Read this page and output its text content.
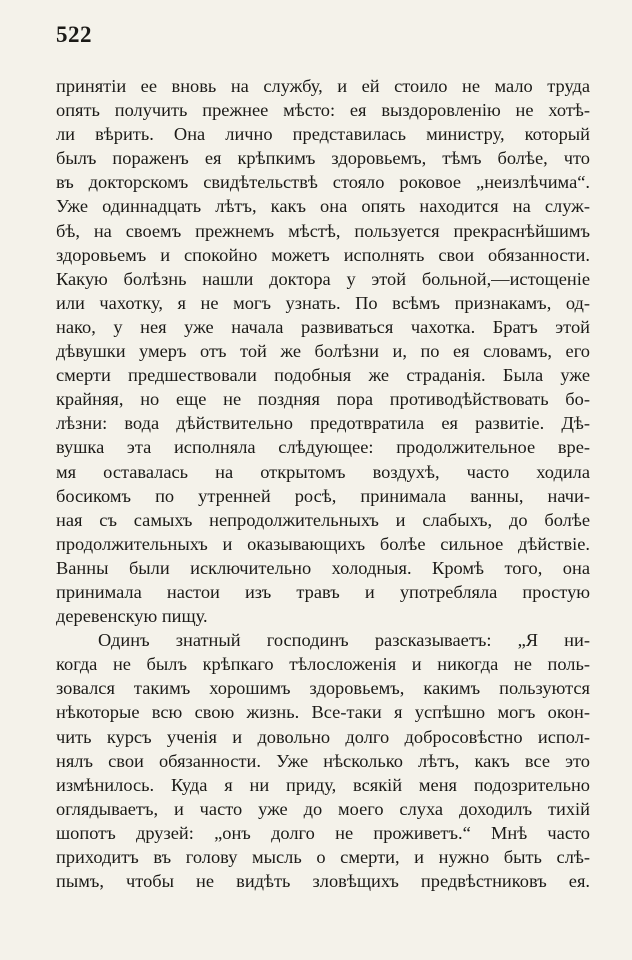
522
принятіи ее вновь на службу, и ей стоило не мало труда
опять получить прежнее мѣсто: ея выздоровленію не хотѣ-
ли вѣрить. Она лично представилась министру, который
былъ пораженъ ея крѣпкимъ здоровьемъ, тѣмъ болѣе, что
въ докторскомъ свидѣтельствѣ стояло роковое „неизлѣчима“.
Уже одиннадцать лѣтъ, какъ она опять находится на служ-
бѣ, на своемъ прежнемъ мѣстѣ, пользуется прекраснѣйшимъ
здоровьемъ и спокойно можетъ исполнять свои обязанности.
Какую болѣзнь нашли доктора у этой больной,—истощеніе
или чахотку, я не могъ узнать. По всѣмъ признакамъ, од-
нако, у нея уже начала развиваться чахотка. Братъ этой
дѣвушки умеръ отъ той же болѣзни и, по ея словамъ, его
смерти предшествовали подобныя же страданія. Была уже
крайняя, но еще не поздняя пора противодѣйствовать бо-
лѣзни: вода дѣйствительно предотвратила ея развитіе. Дѣ-
вушка эта исполняла слѣдующее: продолжительное вре-
мя оставалась на открытомъ воздухѣ, часто ходила
босикомъ по утренней росѣ, принимала ванны, начи-
ная съ самыхъ непродолжительныхъ и слабыхъ, до болѣе
продолжительныхъ и оказывающихъ болѣе сильное дѣйствіе.
Ванны были исключительно холодныя. Кромѣ того, она
принимала настои изъ травъ и употребляла простую
деревенскую пищу.
Одинъ знатный господинъ разсказываетъ: „Я ни-
когда не былъ крѣпкаго тѣлосложенія и никогда не поль-
зовался такимъ хорошимъ здоровьемъ, какимъ пользуются
нѣкоторые всю свою жизнь. Все-таки я успѣшно могъ окон-
чить курсъ ученія и довольно долго добросовѣстно испол-
нялъ свои обязанности. Уже нѣсколько лѣтъ, какъ все это
измѣнилось. Куда я ни приду, всякій меня подозрительно
оглядываетъ, и часто уже до моего слуха доходилъ тихій
шопотъ друзей: „онъ долго не проживетъ.“ Мнѣ часто
приходитъ въ голову мысль о смерти, и нужно быть слѣ-
пымъ, чтобы не видѣть зловѣщихъ предвѣстниковъ ея.
